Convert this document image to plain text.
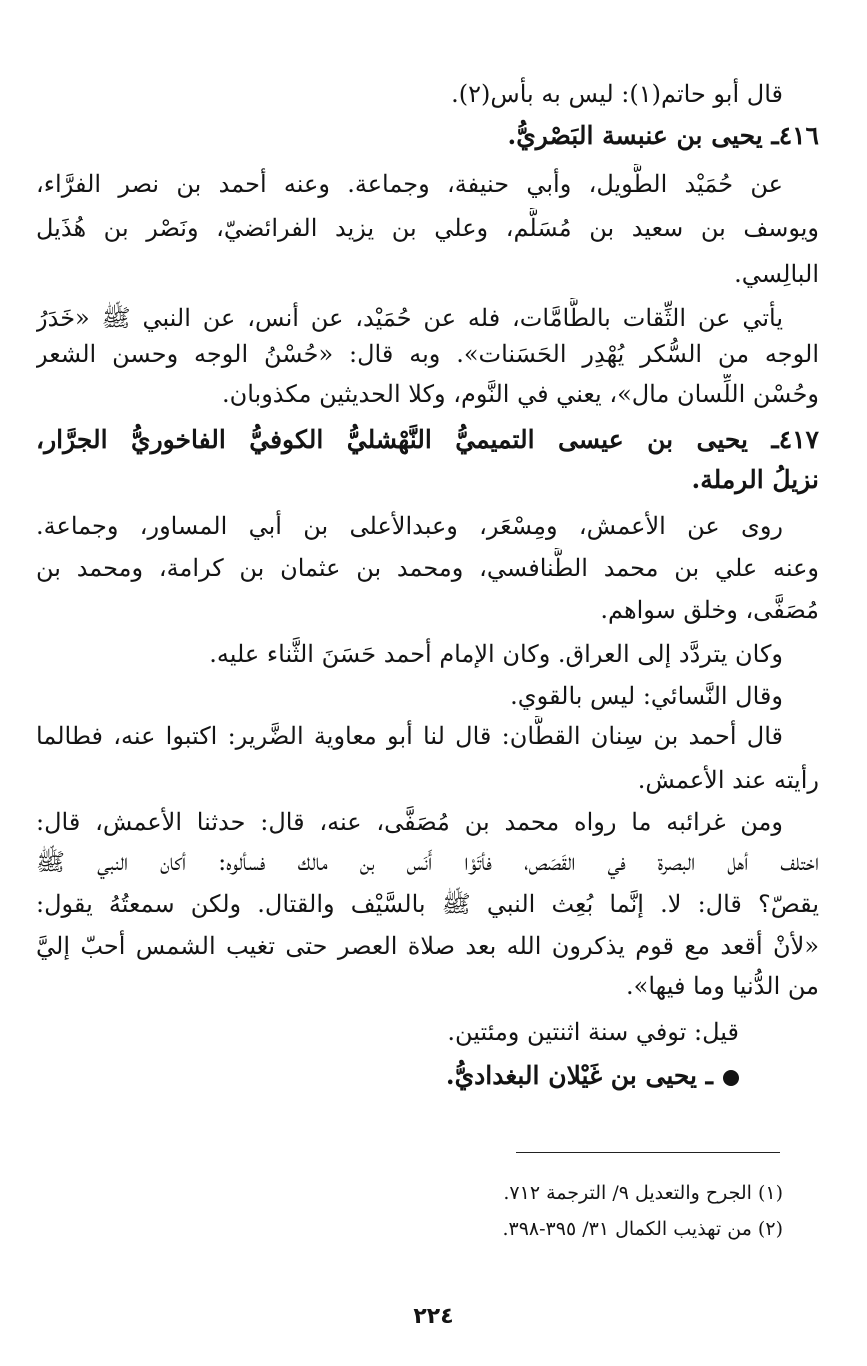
قال أبو حاتم(١): ليس به بأس(٢).
٤١٦ـ يحيى بن عنبسة البَصْريُّ.
عن حُمَيْد الطَّويل، وأبي حنيفة، وجماعة. وعنه أحمد بن نصر الفرَّاء،
ويوسف بن سعيد بن مُسَلَّم، وعلي بن يزيد الفرائضيّ، ونَصْر بن هُذَيل
البالِسي.
يأتي عن الثِّقات بالطَّامَّات، فله عن حُمَيْد، عن أنس، عن النبي ﷺ «خَدَرُ
الوجه من السُّكر يُهْدِر الحَسَنات». وبه قال: «حُسْنُ الوجه وحسن الشعر
وحُسْن اللِّسان مال»، يعني في النَّوم، وكلا الحديثين مكذوبان.
٤١٧ـ يحيى بن عيسى التميميُّ النَّهْشليُّ الكوفيُّ الفاخوريُّ الجرَّار،
نزيلُ الرملة.
روى عن الأعمش، ومِسْعَر، وعبدالأعلى بن أبي المساور، وجماعة.
وعنه علي بن محمد الطَّنافسي، ومحمد بن عثمان بن كرامة، ومحمد بن
مُصَفَّى، وخلق سواهم.
وكان يتردَّد إلى العراق. وكان الإمام أحمد حَسَنَ الثَّناء عليه.
وقال النَّسائي: ليس بالقوي.
قال أحمد بن سِنان القطَّان: قال لنا أبو معاوية الضَّرير: اكتبوا عنه، فطالما
رأيته عند الأعمش.
ومن غرائبه ما رواه محمد بن مُصَفَّى، عنه، قال: حدثنا الأعمش، قال:
اختلف أهل البصرة في القَصَص، فأتَوْا أَنَس بن مالك فسألوه: أكان النبي ﷺ
يقصّ؟ قال: لا. إنَّما بُعِث النبي ﷺ بالسَّيْف والقتال. ولكن سمعتُهُ يقول:
«لأنْ أقعد مع قوم يذكرون الله بعد صلاة العصر حتى تغيب الشمس أحبّ إليَّ
من الدُّنيا وما فيها».
قيل: توفي سنة اثنتين ومئتين.
ـ يحيى بن غَيْلان البغداديُّ.
(١) الجرح والتعديل ٩/ الترجمة ٧١٢.
(٢) من تهذيب الكمال ٣١/ ٣٩٥-٣٩٨.
٢٢٤
